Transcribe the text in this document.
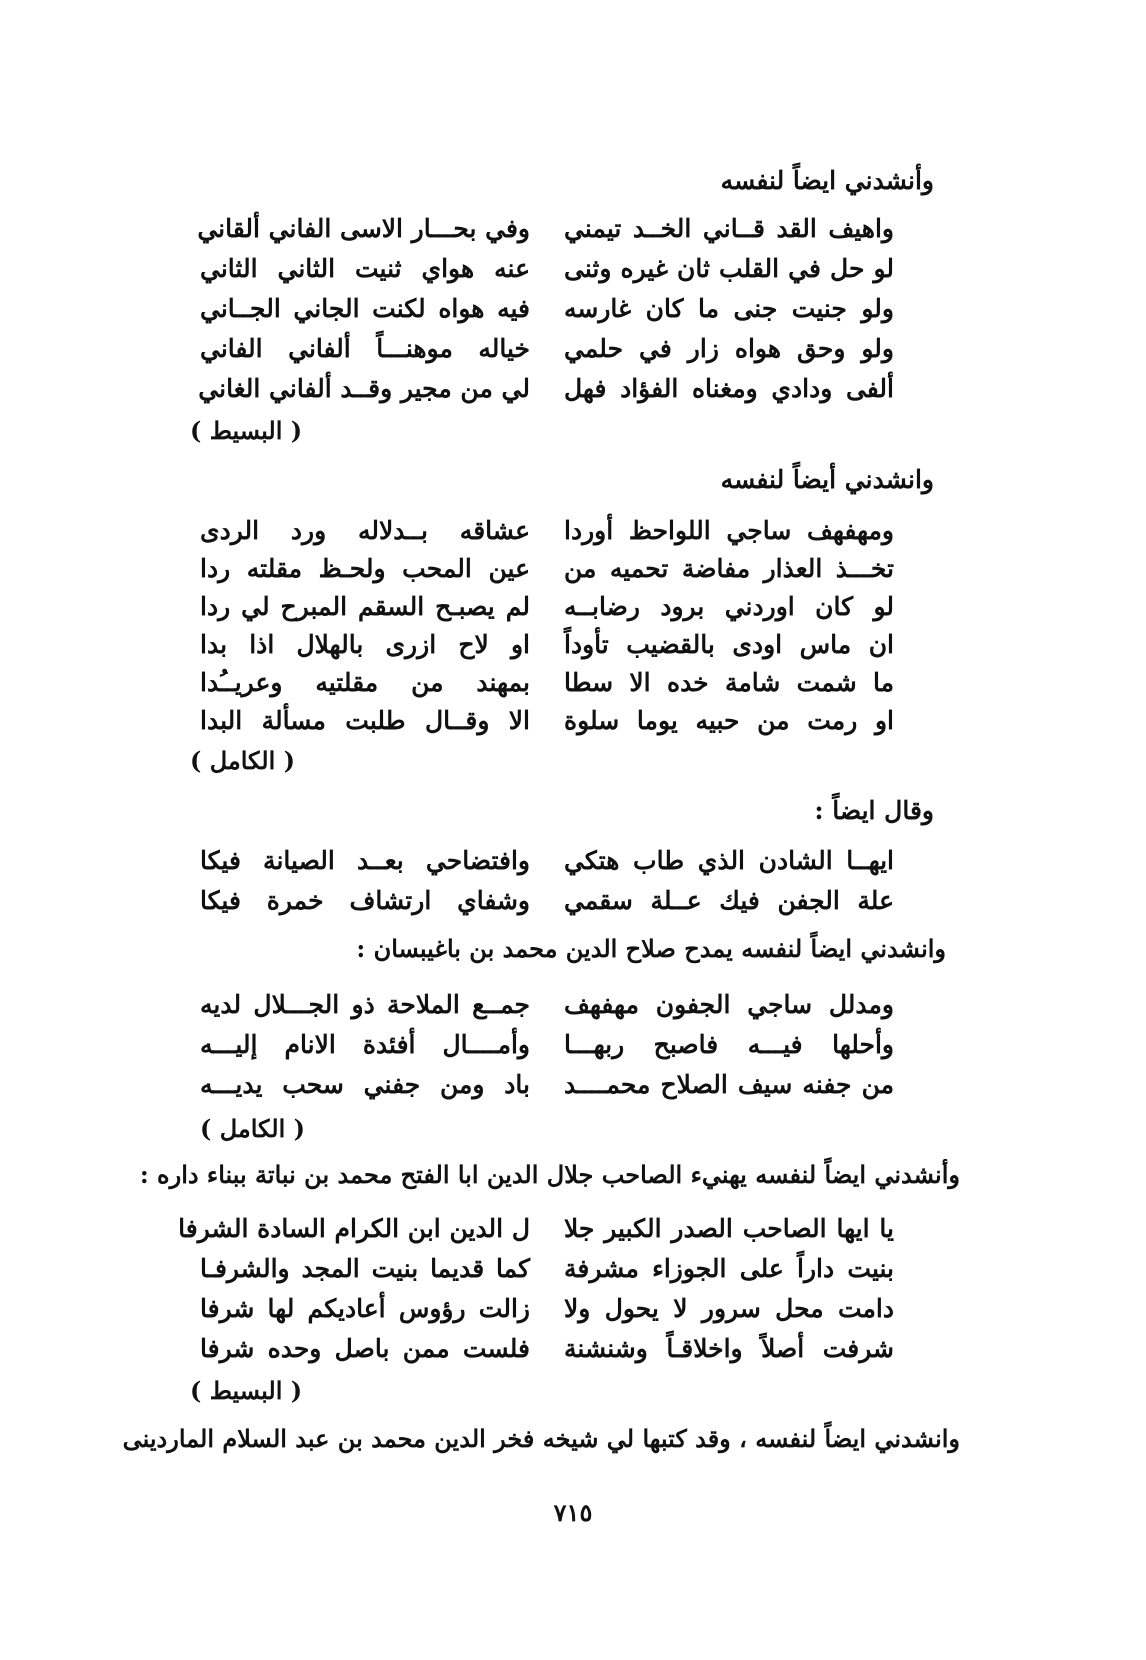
وأنشدني ايضاً لنفسه
واهيف القد قــاني الخــد تيمني
وفي بحـــار الاسى الفاني ألقاني
لو حل في القلب ثان غيره وثنى
عنه هواي ثنيت الثاني الثاني
ولو جنيت جنى ما كان غارسه
فيه هواه لكنت الجاني الجــاني
ولو وحق هواه زار في حلمي
خياله موهنـــاً ألفاني الفاني
ألفى ودادي ومغناه الفؤاد فهل
لي من مجير وقــد ألفاني الغاني
( البسيط )
وانشدني أيضاً لنفسه
ومهفهف ساجي اللواحظ أوردا
عشاقه بــدلاله ورد الردى
تخـــذ العذار مفاضة تحميه من
عين المحب ولحـظ مقلته ردا
لو كان اوردني برود رضابــه
لم يصبـح السقم المبرح لي ردا
ان ماس اودى بالقضيب تأوداً
او لاح ازرى بالهلال اذا بدا
ما شمت شامة خده الا سطا
بمهند من مقلتيه وعريــُدا
او رمت من حبيه يوما سلوة
الا وقــال طلبت مسألة البدا
( الكامل )
وقال ايضاً :
ايهــا الشادن الذي طاب هتكي
وافتضاحي بعــد الصيانة فيكا
علة الجفن فيك عــلة سقمي
وشفاي ارتشاف خمرة فيكا
وانشدني ايضاً لنفسه يمدح صلاح الدين محمد بن باغيبسان :
ومدلل ساجي الجفون مهفهف
جمــع الملاحة ذو الجـــلال لديه
وأحلها فيـــه فاصبح ربهـــا
وأمــــال أفئدة الانام إليـــه
من جفنه سيف الصلاح محمــــد
باد ومن جفني سحب يديـــه
( الكامل )
وأنشدني ايضاً لنفسه يهنيء الصاحب جلال الدين ابا الفتح محمد بن نباتة ببناء داره :
يا ايها الصاحب الصدر الكبير جلا
ل الدين ابن الكرام السادة الشرفا
بنيت داراً على الجوزاء مشرفة
كما قديما بنيت المجد والشرفـا
دامت محل سرور لا يحول ولا
زالت رؤوس أعاديكم لها شرفا
شرفت أصلاً واخلاقـاً وشنشنة
فلست ممن باصل وحده شرفا
( البسيط )
وانشدني ايضاً لنفسه ، وقد كتبها لي شيخه فخر الدين محمد بن عبد السلام الماردينى
٧١٥
